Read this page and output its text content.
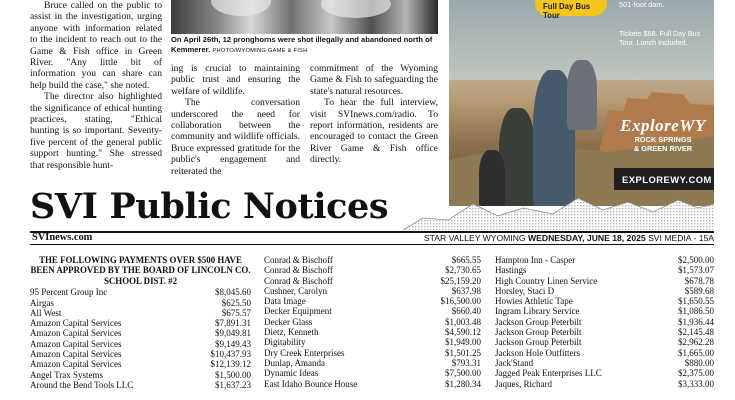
Bruce called on the public to assist in the investigation, urging anyone with information related to the incident to reach out to the Game & Fish office in Green River. "Any little bit of information you can share can help build the case," she noted.

The director also highlighted the significance of ethical hunting practices, stating, "Ethical hunting is so important. Seventy-five percent of the general public support hunting." She stressed that responsible hunt-

On April 26th, 12 pronghorns were shot illegally and abandoned north of Kemmerer. PHOTO/WYOMING GAME & FISH

ing is crucial to maintaining public trust and ensuring the welfare of wildlife.

The conversation underscored the need for collaboration between the community and wildlife officials. Bruce expressed gratitude for the public's engagement and reiterated the

commitment of the Wyoming Game & Fish to safeguarding the state's natural resources.

To hear the full interview, visit SVInews.com/radio. To report information, residents are encouraged to contact the Green River Game & Fish office directly.

Full Day Bus Tour
501-foot dam.
Tickets $68. Full Day Bus Tour. Lunch Included.
ExploreWY
ROCK SPRINGS
& GREEN RIVER
EXPLOREWY.COM
SVI Public Notices
SVInews.com	STAR VALLEY WYOMING WEDNESDAY, JUNE 18, 2025 SVI MEDIA - 15A
THE FOLLOWING PAYMENTS OVER $500 HAVE BEEN APPROVED BY THE BOARD OF LINCOLN CO. SCHOOL DIST. #2
95 Percent Group Inc	$8,045.60
Airgas	$625.50
All West	$675.57
Amazon Capital Services	$7,891.31
Amazon Capital Services	$9,049.81
Amazon Capital Services	$9,149.43
Amazon Capital Services	$10,437.93
Amazon Capital Services	$12,139.12
Angel Trax Systems	$1,500.00
Around the Bend Tools LLC	$1,637.23
Conrad & Bischoff	$665.55
Conrad & Bischoff	$2,730.65
Conrad & Bischoff	$25,159.20
Cushner, Carolyn	$637.98
Data Image	$16,500.00
Decker Equipment	$660.40
Decker Glass	$1,003.48
Dietz, Kenneth	$4,590.12
Digitability	$1,949.00
Dry Creek Enterprises	$1,501.25
Dunlap, Amanda	$793.31
Dynamic Ideas	$7,500.00
East Idaho Bounce House	$1,280.34
Hampton Inn - Casper	$2,500.00
Hastings	$1,573.07
High Country Linen Service	$678.78
Horsley, Staci D	$589.68
Howies Athletic Tape	$1,650.55
Ingram Library Service	$1,086.50
Jackson Group Peterbilt	$1,936.44
Jackson Group Peterbilt	$2,145.48
Jackson Group Peterbilt	$2,962.28
Jackson Hole Outfitters	$1,665.00
Jack'Stand	$880.00
Jagged Peak Enterprises LLC	$2,375.00
Jaques, Richard	$3,333.00
